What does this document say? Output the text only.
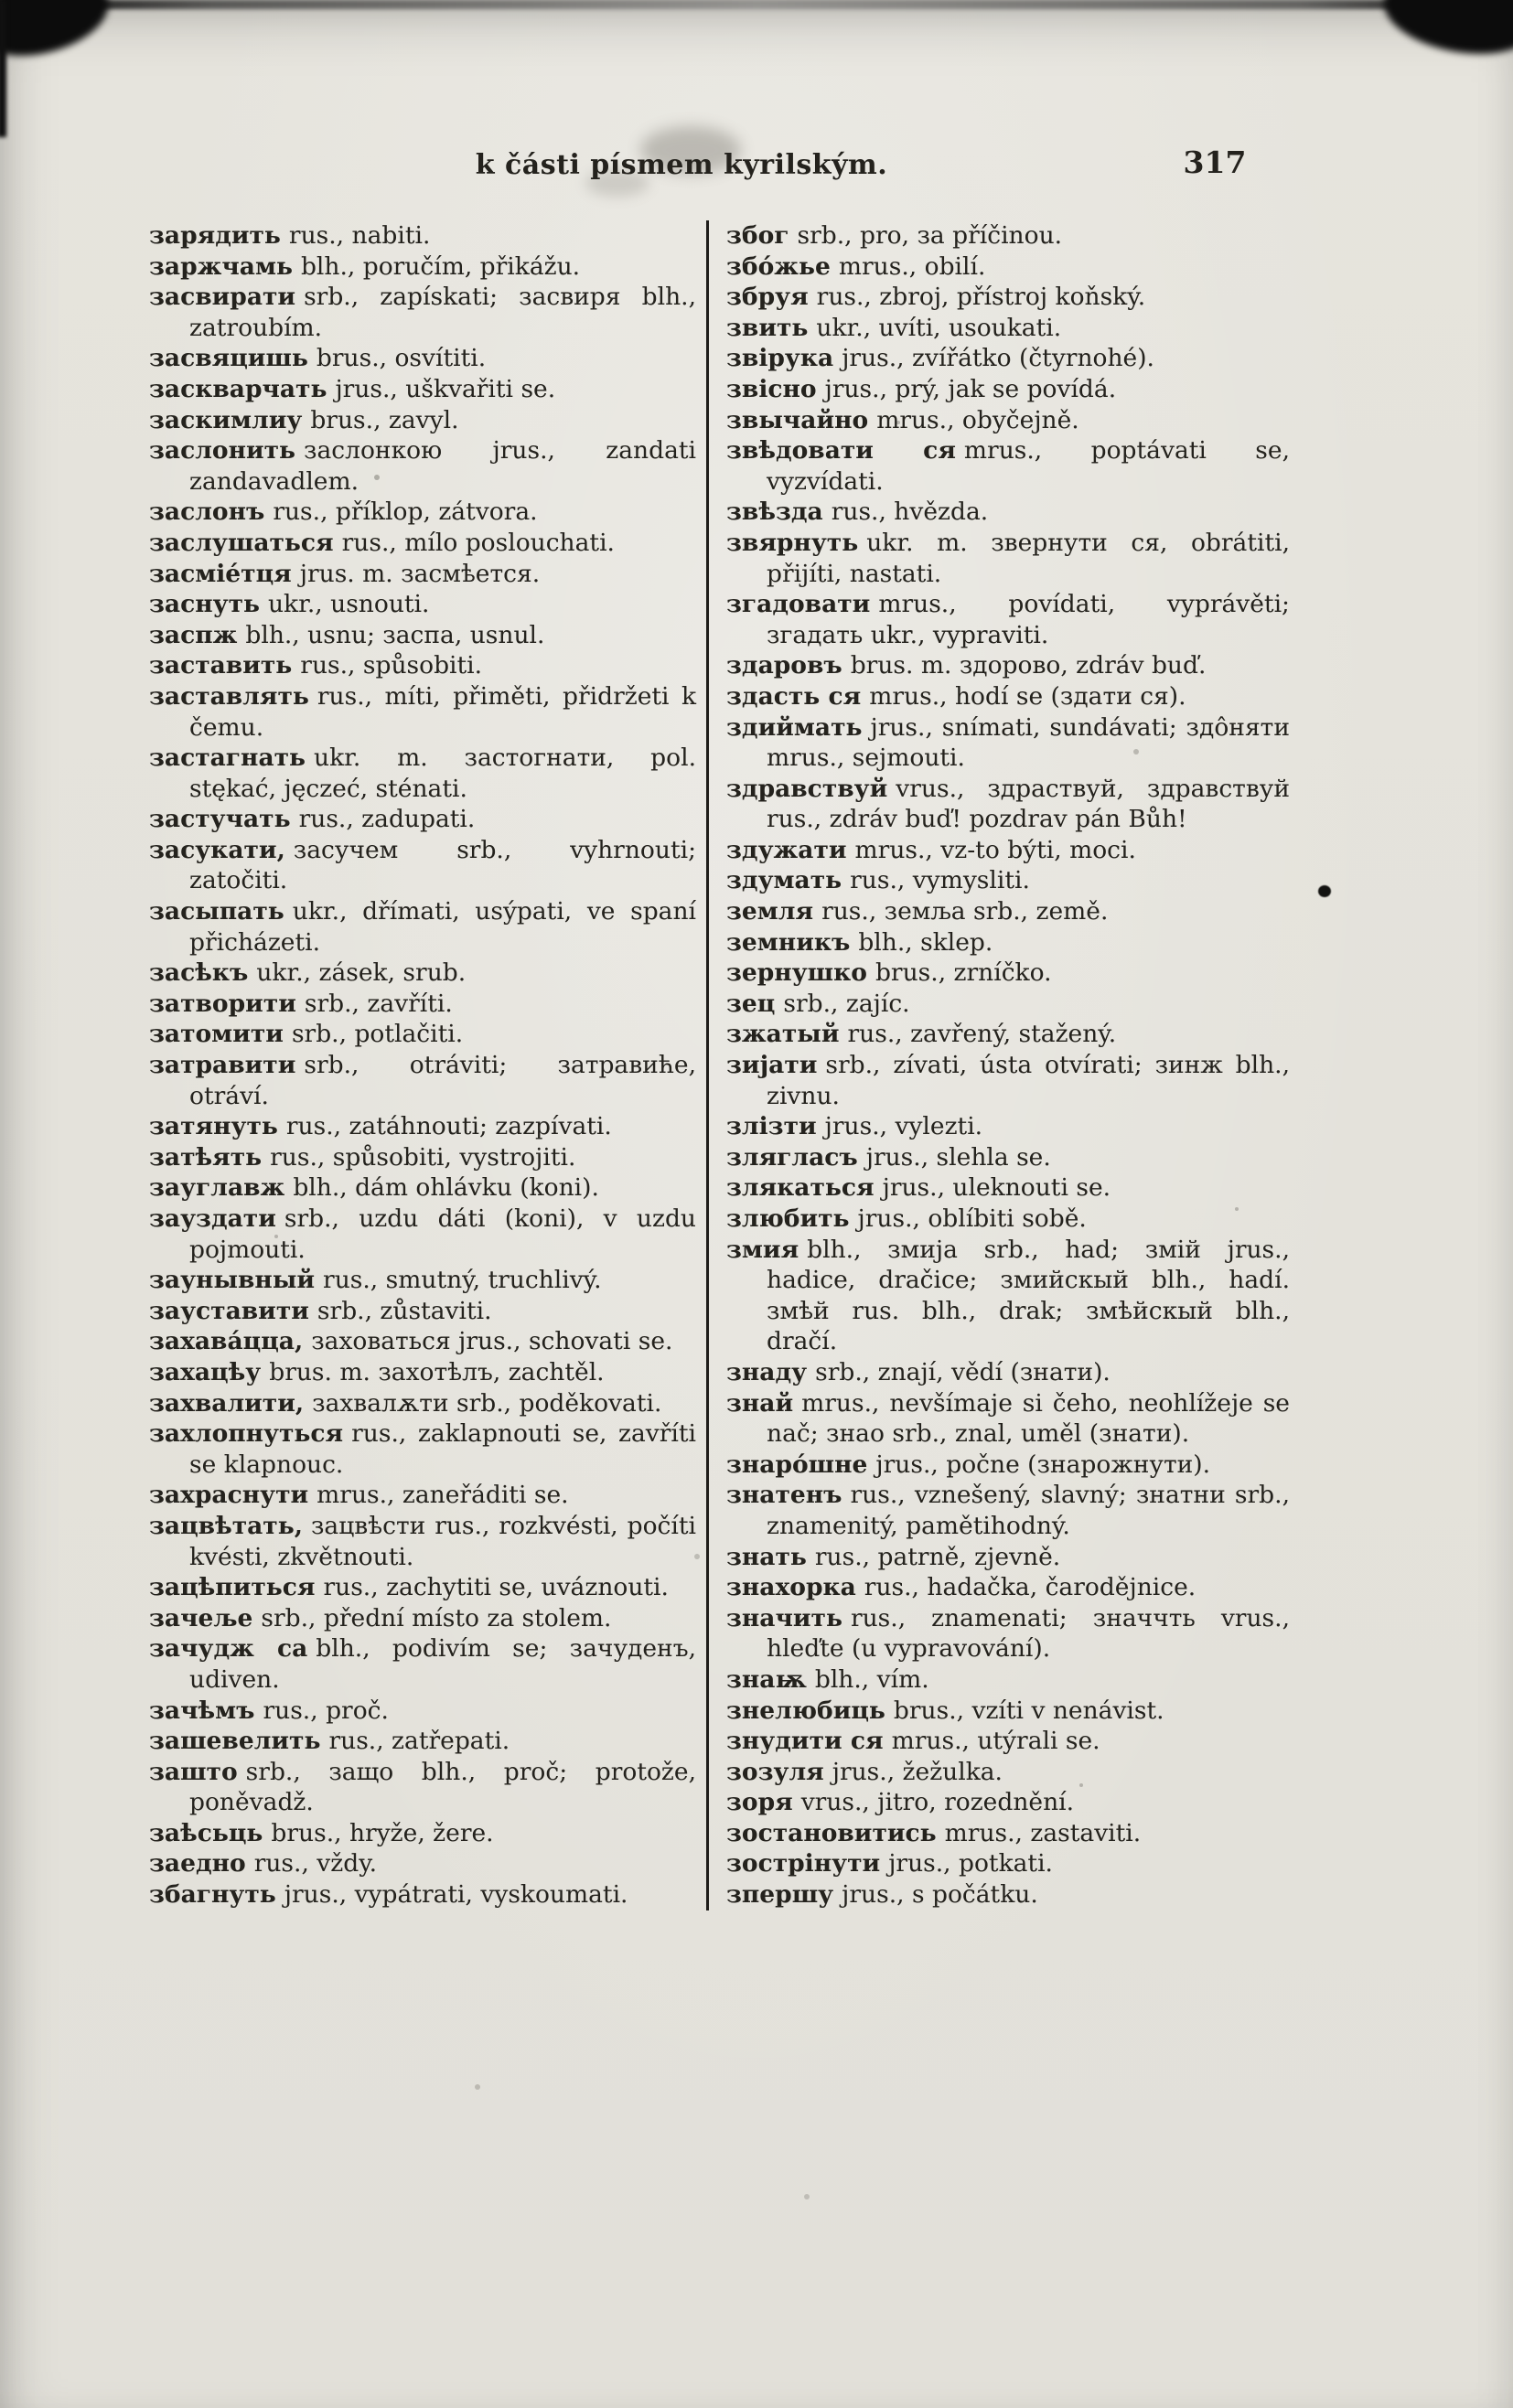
k části písmem kyrilským.	317

зарядить rus., nabiti.

заржчамь blh., poručím, přikážu.

засвирати srb., zapískati; засвиря blh., zatroubím.

засвяцишь brus., osvítiti.

заскварчать jrus., uškvařiti se.

заскимлиу brus., zavyl.

заслонить заслонкою jrus., zandati zandavadlem.

заслонъ rus., příklop, zátvora.

заслушаться rus., mílo poslouchati.

засмiéтця jrus. m. засмѣется.

заснуть ukr., usnouti.

заспж blh., usnu; заспа, usnul.

заставить rus., spůsobiti.

заставлять rus., míti, přiměti, přidržeti k čemu.

застагнать ukr. m. застогнати, pol. stękać, jęczeć, sténati.

застучать rus., zadupati.

засукати, засучем srb., vyhrnouti; zatočiti.

засыпать ukr., dřímati, usýpati, ve spaní přicházeti.

засѣкъ ukr., zásek, srub.

затворити srb., zavříti.

затомити srb., potlačiti.

затравити srb., otráviti; затравиће, otráví.

затянуть rus., zatáhnouti; zazpívati.

затѣять rus., spůsobiti, vystrojiti.

зауглавж blh., dám ohlávku (koni).

зауздати srb., uzdu dáti (koni), v uzdu pojmouti.

заунывный rus., smutný, truchlivý.

зауставити srb., zůstaviti.

захавáцца, заховаться jrus., schovati se.

захацѣу brus. m. захотѣлъ, zachtěl.

захвалити, захвалѫти srb., poděkovati.

захлопнуться rus., zaklapnouti se, zavříti se klapnouc.

захраснути mrus., zaneřáditi se.

зацвѣтать, зацвѣсти rus., rozkvésti, počíti kvésti, zkvětnouti.

зацѣпиться rus., zachytiti se, uváznouti.

зачеље srb., přední místo za stolem.

зачудж са blh., podivím se; зачуденъ, udiven.

зачѣмъ rus., proč.

зашевелить rus., zatřepati.

зашто srb., защо blh., proč; protože, poněvadž.

заѣсьць brus., hryže, žere.

заедно rus., vždy.

збагнуть jrus., vypátrati, vyskoumati.

због srb., pro, за příčinou.

збóжье mrus., obilí.

збруя rus., zbroj, přístroj koňský.

звить ukr., uvíti, usoukati.

звірука jrus., zvířátko (čtyrnohé).

звісно jrus., prý, jak se povídá.

звычайно mrus., obyčejně.

звѣдовати ся mrus., poptávati se, vyzvídati.

звѣзда rus., hvězda.

звярнуть ukr. m. звернути ся, obrátiti, přijíti, nastati.

згадовати mrus., povídati, vyprávěti; згадать ukr., vypraviti.

здаровъ brus. m. здорово, zdráv buď.

здасть ся mrus., hodí se (здати ся).

здиймать jrus., snímati, sundávati; здôняти mrus., sejmouti.

здравствуй vrus., здраствуй, здравствуй rus., zdráv buď! pozdrav pán Bůh!

здужати mrus., vz-to býti, moci.

здумать rus., vymysliti.

земля rus., земља srb., země.

земникъ blh., sklep.

зернушко brus., zrníčko.

зец srb., zajíc.

зжатый rus., zavřený, stažený.

зијати srb., zívati, ústa otvírati; зинж blh., zivnu.

злізти jrus., vylezti.

злягласъ jrus., slehla se.

злякаться jrus., uleknouti se.

злюбить jrus., oblíbiti sobě.

змия blh., змија srb., had; змій jrus., hadice, dračice; змийскый blh., hadí. змѣй rus. blh., drak; змѣйскый blh., dračí.

знаду srb., znají, vědí (знати).

знай mrus., nevšímaje si čeho, neohlížeje se nač; знао srb., znal, uměl (знати).

знарóшне jrus., počne (знарожнути).

знатенъ rus., vznešený, slavný; знатни srb., znamenitý, pamětihodný.

знать rus., patrně, zjevně.

знахорка rus., hadačka, čarodějnice.

значить rus., znamenati; значчть vrus., hleďte (u vypravování).

знаѭ blh., vím.

знелюбиць brus., vzíti v nenávist.

знудити ся mrus., utýrali se.

зозуля jrus., žežulka.

зоря vrus., jitro, rozednění.

зостановитись mrus., zastaviti.

зострінути jrus., potkati.

зпершу jrus., s počátku.
